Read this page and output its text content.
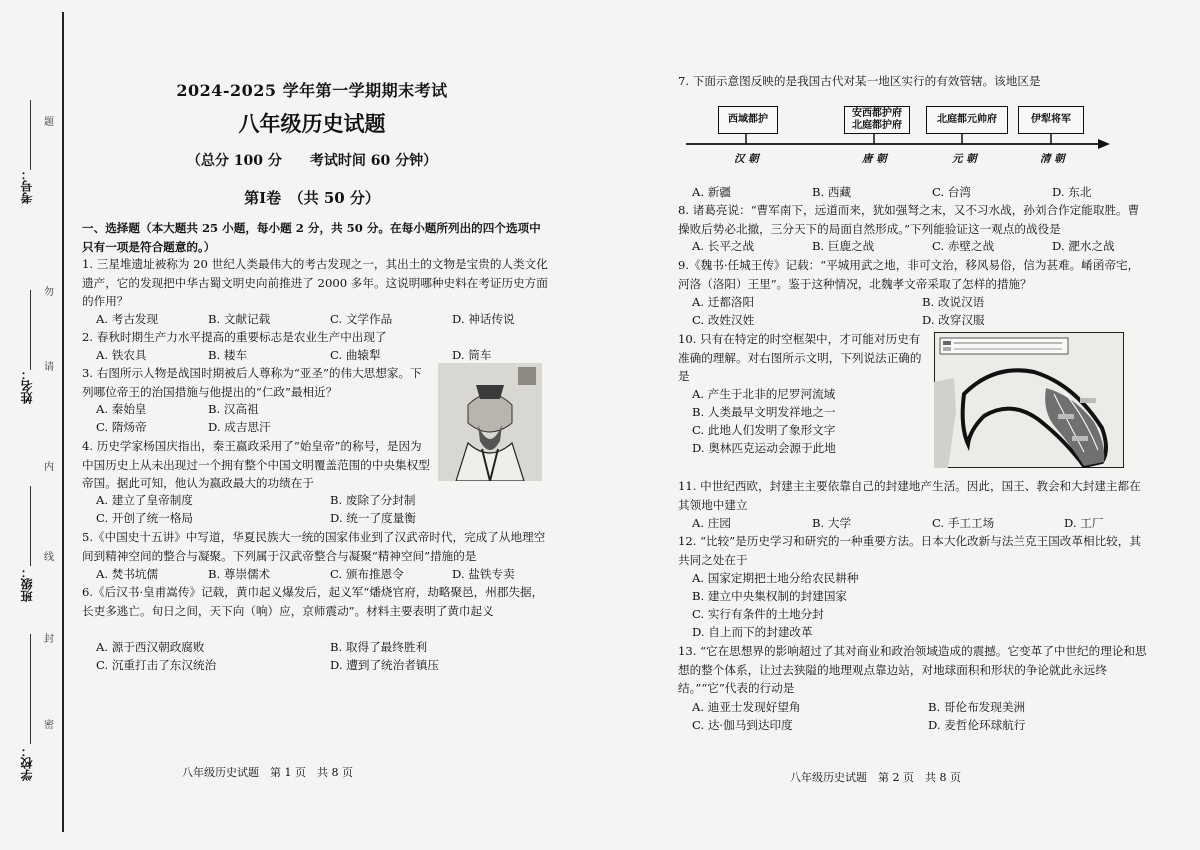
考号：
姓名：
班级：
学校：
题
勿
请
内
线
封
密
2024-2025 学年第一学期期末考试
八年级历史试题
（总分 100 分　　考试时间 60 分钟）
第Ⅰ卷　（共 50 分）
一、选择题（本大题共 25 小题，每小题 2 分，共 50 分。在每小题所列出的四个选项中只有一项是符合题意的。）
1. 三星堆遗址被称为 20 世纪人类最伟大的考古发现之一，其出土的文物是宝贵的人类文化遗产，它的发现把中华古蜀文明史向前推进了 2000 多年。这说明哪种史料在考证历史方面的作用？
A. 考古发现	B. 文献记载	C. 文学作品	D. 神话传说
2. 春秋时期生产力水平提高的重要标志是农业生产中出现了
A. 铁农具	B. 耧车	C. 曲辕犁	D. 筒车
3. 右图所示人物是战国时期被后人尊称为“亚圣”的伟大思想家。下列哪位帝王的治国措施与他提出的“仁政”最相近？
A. 秦始皇	B. 汉高祖
C. 隋炀帝	D. 成吉思汗
4. 历史学家杨国庆指出，秦王嬴政采用了“始皇帝”的称号，是因为中国历史上从未出现过一个拥有整个中国文明覆盖范围的中央集权型帝国。据此可知，他认为嬴政最大的功绩在于
A. 建立了皇帝制度	B. 废除了分封制
C. 开创了统一格局	D. 统一了度量衡
5.《中国史十五讲》中写道，华夏民族大一统的国家伟业到了汉武帝时代，完成了从地理空间到精神空间的整合与凝聚。下列属于汉武帝整合与凝聚“精神空间”措施的是
A. 焚书坑儒	B. 尊崇儒术	C. 颁布推恩令	D. 盐铁专卖
6.《后汉书·皇甫嵩传》记载，黄巾起义爆发后，起义军“燔烧官府，劫略聚邑，州郡失据，长吏多逃亡。旬日之间，天下向（响）应，京师震动”。材料主要表明了黄巾起义
A. 源于西汉朝政腐败	B. 取得了最终胜利
C. 沉重打击了东汉统治	D. 遭到了统治者镇压
八年级历史试题　第 1 页　共 8 页
7. 下面示意图反映的是我国古代对某一地区实行的有效管辖。该地区是
西域都护
安西都护府
北庭都护府
北庭都元帅府	伊犁将军
汉 朝	唐 朝	元 朝	清 朝
A. 新疆	B. 西藏	C. 台湾	D. 东北
8. 诸葛亮说：“曹军南下，远道而来，犹如强弩之末，又不习水战，孙刘合作定能取胜。曹操败后势必北撤，三分天下的局面自然形成。”下列能验证这一观点的战役是
A. 长平之战	B. 巨鹿之战	C. 赤壁之战	D. 淝水之战
9.《魏书·任城王传》记载：“平城用武之地，非可文治，移风易俗，信为甚难。崤函帝宅，河洛（洛阳）王里”。鉴于这种情况，北魏孝文帝采取了怎样的措施？
A. 迁都洛阳	B. 改说汉语
C. 改姓汉姓	D. 改穿汉服
10. 只有在特定的时空框架中，才可能对历史有准确的理解。对右图所示文明，下列说法正确的是
A. 产生于北非的尼罗河流域
B. 人类最早文明发祥地之一
C. 此地人们发明了象形文字
D. 奥林匹克运动会源于此地
11. 中世纪西欧，封建主主要依靠自己的封建地产生活。因此，国王、教会和大封建主都在其领地中建立
A. 庄园	B. 大学	C. 手工工场	D. 工厂
12. “比较”是历史学习和研究的一种重要方法。日本大化改新与法兰克王国改革相比较，其共同之处在于
A. 国家定期把土地分给农民耕种
B. 建立中央集权制的封建国家
C. 实行有条件的土地分封
D. 自上而下的封建改革
13. “它在思想界的影响超过了其对商业和政治领域造成的震撼。它变革了中世纪的理论和思想的整个体系，让过去狭隘的地理观点靠边站，对地球面积和形状的争论就此永远终结。”“它”代表的行动是
A. 迪亚士发现好望角	B. 哥伦布发现美洲
C. 达·伽马到达印度	D. 麦哲伦环球航行
八年级历史试题　第 2 页　共 8 页
